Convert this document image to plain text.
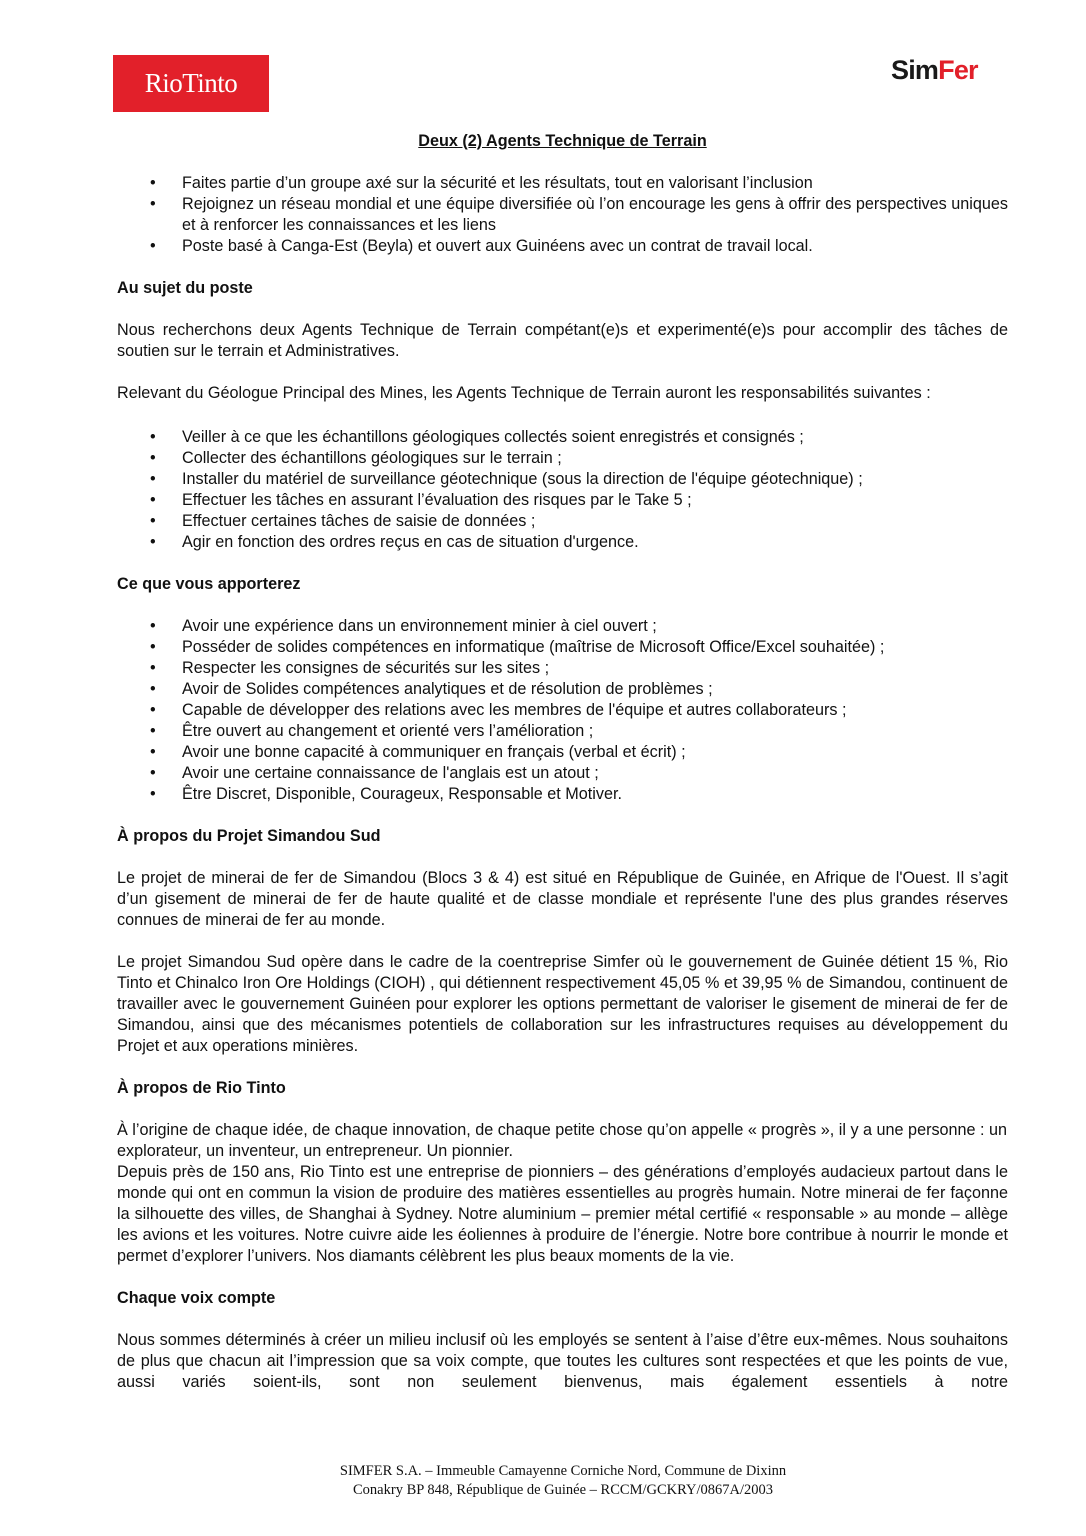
RioTinto	SimFer
Deux (2) Agents Technique de Terrain
• Faites partie d’un groupe axé sur la sécurité et les résultats, tout en valorisant l’inclusion
• Rejoignez un réseau mondial et une équipe diversifiée où l’on encourage les gens à offrir des perspectives uniques et à renforcer les connaissances et les liens
• Poste basé à Canga-Est (Beyla) et ouvert aux Guinéens avec un contrat de travail local.
Au sujet du poste

Nous recherchons deux Agents Technique de Terrain compétant(e)s et experimenté(e)s pour accomplir des tâches de soutien sur le terrain et Administratives.

Relevant du Géologue Principal des Mines, les Agents Technique de Terrain auront les responsabilités suivantes :

• Veiller à ce que les échantillons géologiques collectés soient enregistrés et consignés ;
• Collecter des échantillons géologiques sur le terrain ;
• Installer du matériel de surveillance géotechnique (sous la direction de l'équipe géotechnique) ;
• Effectuer les tâches en assurant l’évaluation des risques par le Take 5 ;
• Effectuer certaines tâches de saisie de données ;
• Agir en fonction des ordres reçus en cas de situation d'urgence.
Ce que vous apporterez
• Avoir une expérience dans un environnement minier à ciel ouvert ;
• Posséder de solides compétences en informatique (maîtrise de Microsoft Office/Excel souhaitée) ;
• Respecter les consignes de sécurités sur les sites ;
• Avoir de Solides compétences analytiques et de résolution de problèmes ;
• Capable de développer des relations avec les membres de l'équipe et autres collaborateurs ;
• Être ouvert au changement et orienté vers l’amélioration ;
• Avoir une bonne capacité à communiquer en français (verbal et écrit) ;
• Avoir une certaine connaissance de l'anglais est un atout ;
• Être Discret, Disponible, Courageux, Responsable et Motiver.
À propos du Projet Simandou Sud

Le projet de minerai de fer de Simandou (Blocs 3 & 4) est situé en République de Guinée, en Afrique de l'Ouest. Il s’agit d’un gisement de minerai de fer de haute qualité et de classe mondiale et représente l'une des plus grandes réserves connues de minerai de fer au monde.

Le projet Simandou Sud opère dans le cadre de la coentreprise Simfer où le gouvernement de Guinée détient 15 %, Rio Tinto et Chinalco Iron Ore Holdings (CIOH) , qui détiennent respectivement 45,05 % et 39,95 % de Simandou, continuent de travailler avec le gouvernement Guinéen pour explorer les options permettant de valoriser le gisement de minerai de fer de Simandou, ainsi que des mécanismes potentiels de collaboration sur les infrastructures requises au développement du Projet et aux operations minières.

À propos de Rio Tinto

À l’origine de chaque idée, de chaque innovation, de chaque petite chose qu’on appelle « progrès », il y a une personne : un explorateur, un inventeur, un entrepreneur. Un pionnier.

Depuis près de 150 ans, Rio Tinto est une entreprise de pionniers – des générations d’employés audacieux partout dans le monde qui ont en commun la vision de produire des matières essentielles au progrès humain. Notre minerai de fer façonne la silhouette des villes, de Shanghai à Sydney. Notre aluminium – premier métal certifié « responsable » au monde – allège les avions et les voitures. Notre cuivre aide les éoliennes à produire de l’énergie. Notre bore contribue à nourrir le monde et permet d’explorer l’univers. Nos diamants célèbrent les plus beaux moments de la vie.

Chaque voix compte

Nous sommes déterminés à créer un milieu inclusif où les employés se sentent à l’aise d’être eux-mêmes. Nous souhaitons de plus que chacun ait l’impression que sa voix compte, que toutes les cultures sont respectées et que les points de vue, aussi variés soient-ils, sont non seulement bienvenus, mais également essentiels à notre

SIMFER S.A. – Immeuble Camayenne Corniche Nord, Commune de Dixinn
Conakry BP 848, République de Guinée – RCCM/GCKRY/0867A/2003
